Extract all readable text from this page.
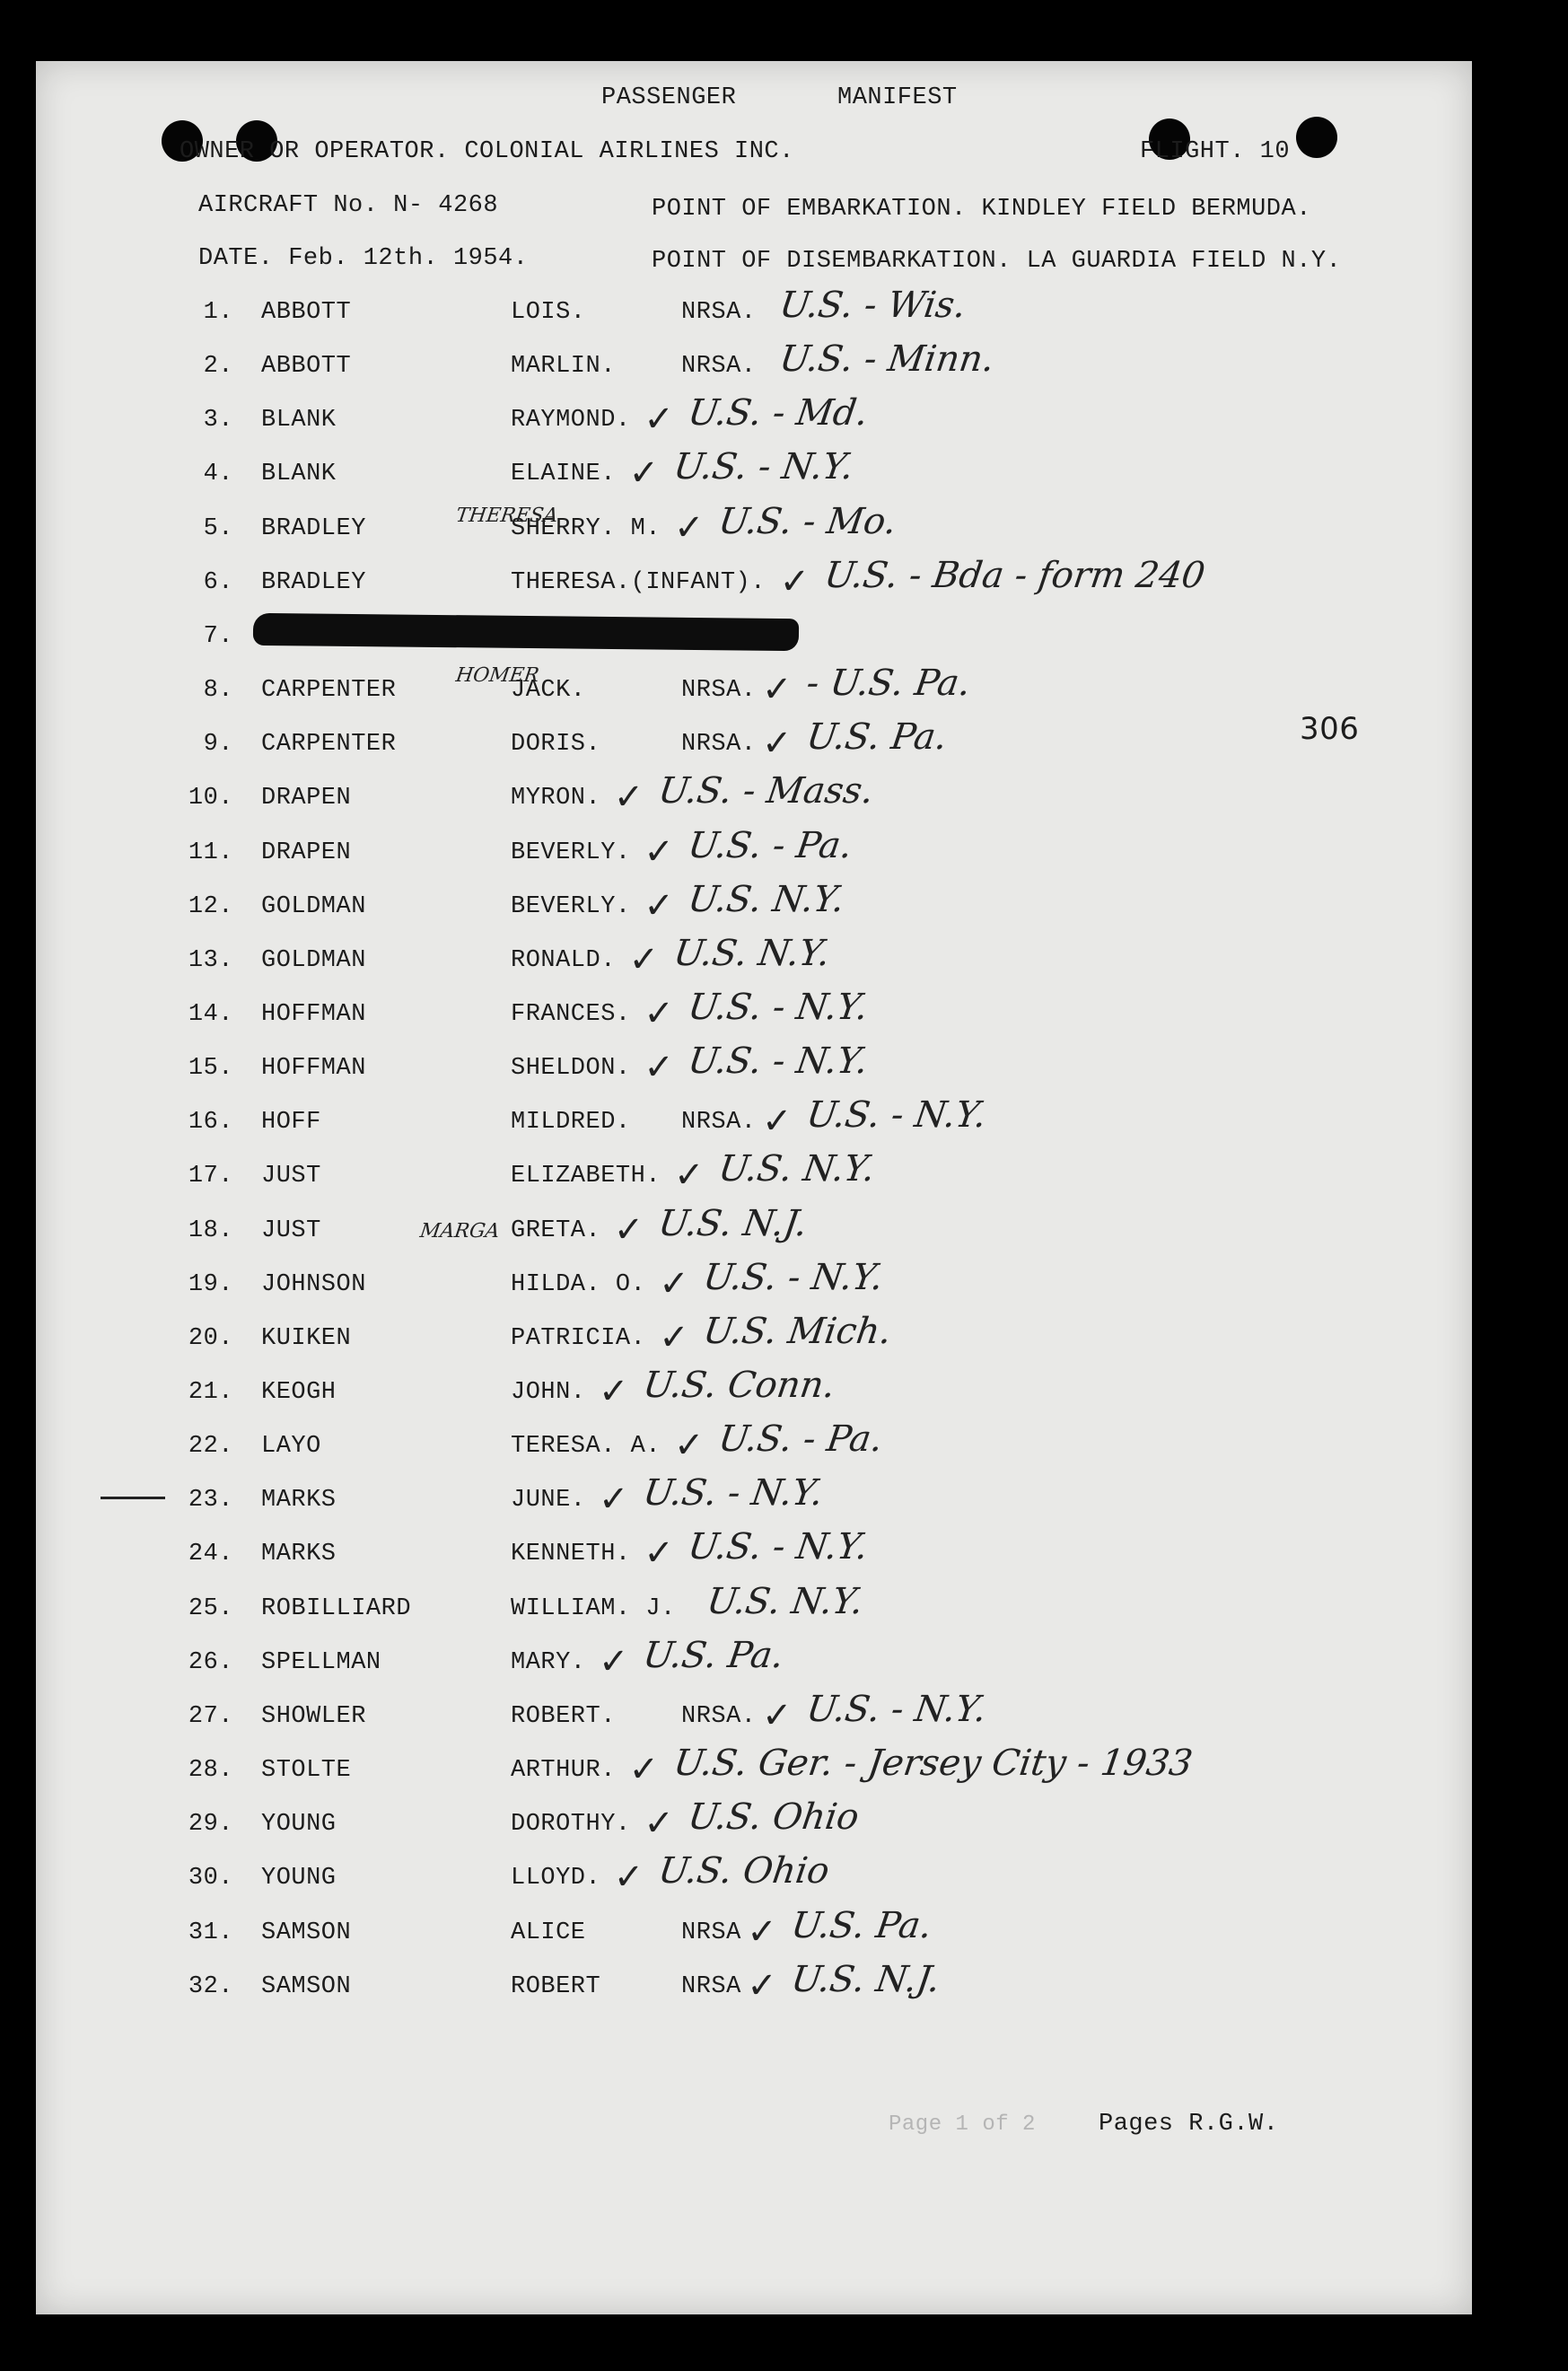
PASSENGER	MANIFEST
OWNER OR OPERATOR. COLONIAL AIRLINES INC.	FLIGHT. 10
AIRCRAFT No. N- 4268	POINT OF EMBARKATION. KINDLEY FIELD BERMUDA.
DATE. Feb. 12th. 1954.	POINT OF DISEMBARKATION. LA GUARDIA FIELD N.Y.
1. ABBOTT	LOIS.	NRSA. U.S. - Wis.
2. ABBOTT	MARLIN.	NRSA. U.S. - Minn.
3. BLANK	RAYMOND. ✓ U.S. - Md.
4. BLANK	ELAINE. ✓ U.S. - N.Y.
5. BRADLEY	SHERRY. M. ✓ U.S. - Mo.
6. BRADLEY	THERESA.(INFANT). ✓ U.S. - Bda - form 240
7.
8. CARPENTER	JACK.	NRSA. ✓ - U.S. Pa.
9. CARPENTER	DORIS.	NRSA. ✓ U.S. Pa.
10. DRAPEN	MYRON. ✓ U.S. - Mass.
11. DRAPEN	BEVERLY. ✓ U.S. - Pa.
12. GOLDMAN	BEVERLY. ✓ U.S. N.Y.
13. GOLDMAN	RONALD. ✓ U.S. N.Y.
14. HOFFMAN	FRANCES. ✓ U.S. - N.Y.
15. HOFFMAN	SHELDON. ✓ U.S. - N.Y.
16. HOFF	MILDRED. NRSA. ✓ U.S. - N.Y.
17. JUST	ELIZABETH. ✓ U.S. N.Y.
18. JUST	GRETA. ✓ U.S. N.J.
19. JOHNSON	HILDA. O. ✓ U.S. - N.Y.
20. KUIKEN	PATRICIA. ✓ U.S. Mich.
21. KEOGH	JOHN. ✓ U.S. Conn.
22. LAYO	TERESA. A. ✓ U.S. - Pa.
23. MARKS	JUNE. ✓ U.S. - N.Y.
24. MARKS	KENNETH. ✓ U.S. - N.Y.
25. ROBILLIARD	WILLIAM. J. U.S. N.Y.
26. SPELLMAN	MARY. ✓ U.S. Pa.
27. SHOWLER	ROBERT.	NRSA. ✓ U.S. - N.Y.
28. STOLTE	ARTHUR. ✓ U.S. Ger. - Jersey City - 1933
29. YOUNG	DOROTHY. ✓ U.S. Ohio
30. YOUNG	LLOYD. ✓ U.S. Ohio
31. SAMSON	ALICE	NRSA ✓ U.S. Pa.
32. SAMSON	ROBERT	NRSA ✓ U.S. N.J.
THERESA
HOMER
MARGA
306
Page 1 of 2	Pages R.G.W.
